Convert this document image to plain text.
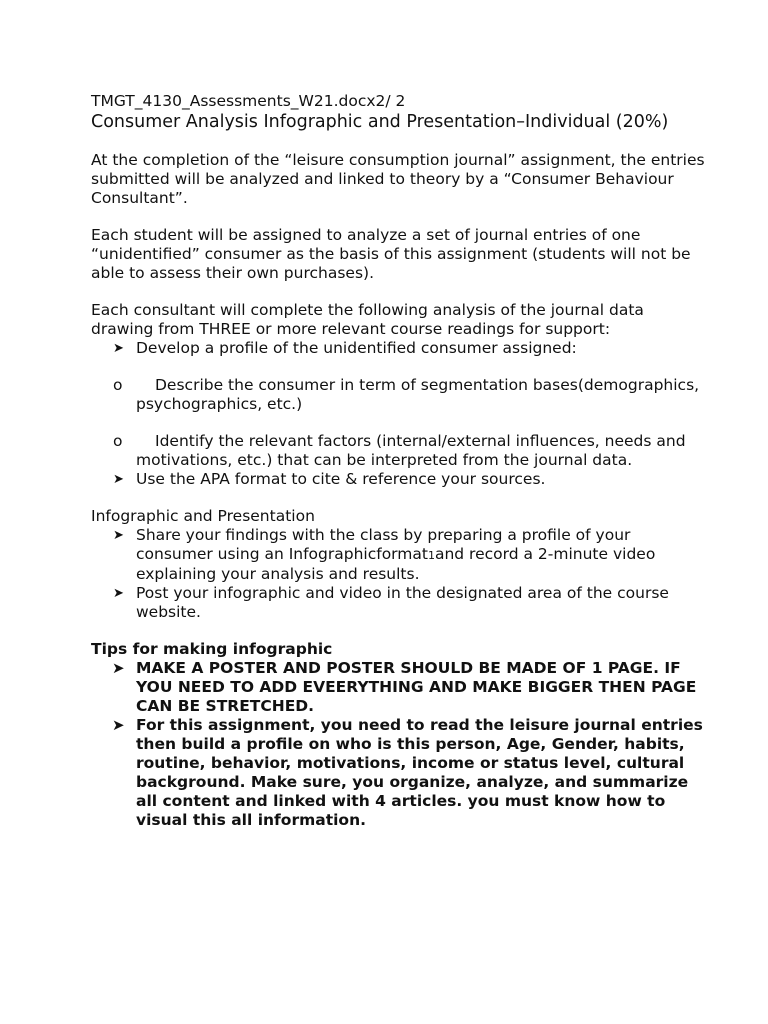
TMGT_4130_Assessments_W21.docx2/ 2

Consumer Analysis Infographic and Presentation–Individual (20%)

At the completion of the “leisure consumption journal” assignment, the entries submitted will be analyzed and linked to theory by a “Consumer Behaviour Consultant”.

Each student will be assigned to analyze a set of journal entries of one “unidentified” consumer as the basis of this assignment (students will not be able to assess their own purchases).

Each consultant will complete the following analysis of the journal data drawing from THREE or more relevant course readings for support:

➤ Develop a profile of the unidentified consumer assigned:
o Describe the consumer in term of segmentation bases(demographics, psychographics, etc.)
o Identify the relevant factors (internal/external influences, needs and motivations, etc.) that can be interpreted from the journal data.
➤ Use the APA format to cite & reference your sources.

Infographic and Presentation

➤ Share your findings with the class by preparing a profile of your consumer using an Infographicformat1and record a 2-minute video explaining your analysis and results.
➤ Post your infographic and video in the designated area of the course website.

Tips for making infographic

➤ MAKE A POSTER AND POSTER SHOULD BE MADE OF 1 PAGE. IF YOU NEED TO ADD EVEERYTHING AND MAKE BIGGER THEN PAGE CAN BE STRETCHED.
➤ For this assignment, you need to read the leisure journal entries then build a profile on who is this person, Age, Gender, habits, routine, behavior, motivations, income or status level, cultural background. Make sure, you organize, analyze, and summarize all content and linked with 4 articles. you must know how to visual this all information.
